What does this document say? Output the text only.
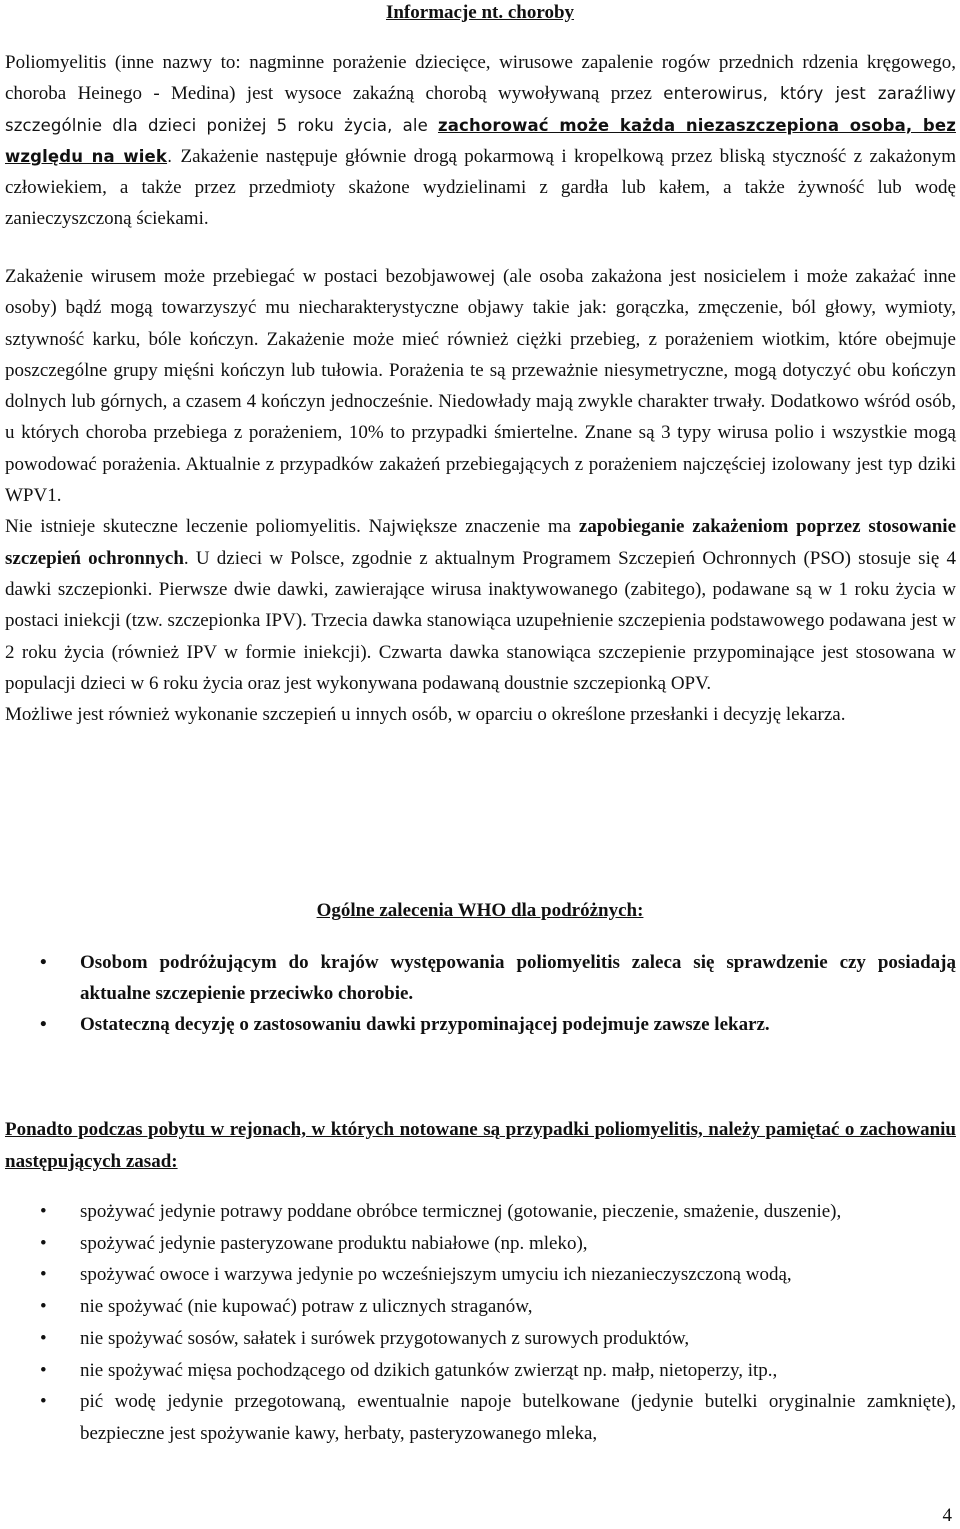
Informacje nt. choroby

Poliomyelitis (inne nazwy to: nagminne porażenie dziecięce, wirusowe zapalenie rogów przednich rdzenia kręgowego, choroba Heinego - Medina) jest wysoce zakaźną chorobą wywoływaną przez enterowirus, który jest zaraźliwy szczególnie dla dzieci poniżej 5 roku życia, ale zachorować może każda niezaszczepiona osoba, bez względu na wiek. Zakażenie następuje głównie drogą pokarmową i kropelkową przez bliską styczność z zakażonym człowiekiem, a także przez przedmioty skażone wydzielinami z gardła lub kałem, a także żywność lub wodę zanieczyszczoną ściekami.

Zakażenie wirusem może przebiegać w postaci bezobjawowej (ale osoba zakażona jest nosicielem i może zakażać inne osoby) bądź mogą towarzyszyć mu niecharakterystyczne objawy takie jak: gorączka, zmęczenie, ból głowy, wymioty, sztywność karku, bóle kończyn. Zakażenie może mieć również ciężki przebieg, z porażeniem wiotkim, które obejmuje poszczególne grupy mięśni kończyn lub tułowia. Porażenia te są przeważnie niesymetryczne, mogą dotyczyć obu kończyn dolnych lub górnych, a czasem 4 kończyn jednocześnie. Niedowłady mają zwykle charakter trwały. Dodatkowo wśród osób, u których choroba przebiega z porażeniem, 10% to przypadki śmiertelne. Znane są 3 typy wirusa polio i wszystkie mogą powodować porażenia. Aktualnie z przypadków zakażeń przebiegających z porażeniem najczęściej izolowany jest typ dziki WPV1.
Nie istnieje skuteczne leczenie poliomyelitis. Największe znaczenie ma zapobieganie zakażeniom poprzez stosowanie szczepień ochronnych. U dzieci w Polsce, zgodnie z aktualnym Programem Szczepień Ochronnych (PSO) stosuje się 4 dawki szczepionki. Pierwsze dwie dawki, zawierające wirusa inaktywowanego (zabitego), podawane są w 1 roku życia w postaci iniekcji (tzw. szczepionka IPV). Trzecia dawka stanowiąca uzupełnienie szczepienia podstawowego podawana jest w 2 roku życia (również IPV w formie iniekcji). Czwarta dawka stanowiąca szczepienie przypominające jest stosowana w populacji dzieci w 6 roku życia oraz jest wykonywana podawaną doustnie szczepionką OPV.
Możliwe jest również wykonanie szczepień u innych osób, w oparciu o określone przesłanki i decyzję lekarza.

Ogólne zalecenia WHO dla podróżnych:
• Osobom podróżującym do krajów występowania poliomyelitis zaleca się sprawdzenie czy posiadają aktualne szczepienie przeciwko chorobie.
• Ostateczną decyzję o zastosowaniu dawki przypominającej podejmuje zawsze lekarz.

Ponadto podczas pobytu w rejonach, w których notowane są przypadki poliomyelitis, należy pamiętać o zachowaniu następujących zasad:

• spożywać jedynie potrawy poddane obróbce termicznej (gotowanie, pieczenie, smażenie, duszenie),
• spożywać jedynie pasteryzowane produktu nabiałowe (np. mleko),
• spożywać owoce i warzywa jedynie po wcześniejszym umyciu ich niezanieczyszczoną wodą,
• nie spożywać (nie kupować) potraw z ulicznych straganów,
• nie spożywać sosów, sałatek i surówek przygotowanych z surowych produktów,
• nie spożywać mięsa pochodzącego od dzikich gatunków zwierząt np. małp, nietoperzy, itp.,
• pić wodę jedynie przegotowaną, ewentualnie napoje butelkowane (jedynie butelki oryginalnie zamknięte), bezpieczne jest spożywanie kawy, herbaty, pasteryzowanego mleka,
4
